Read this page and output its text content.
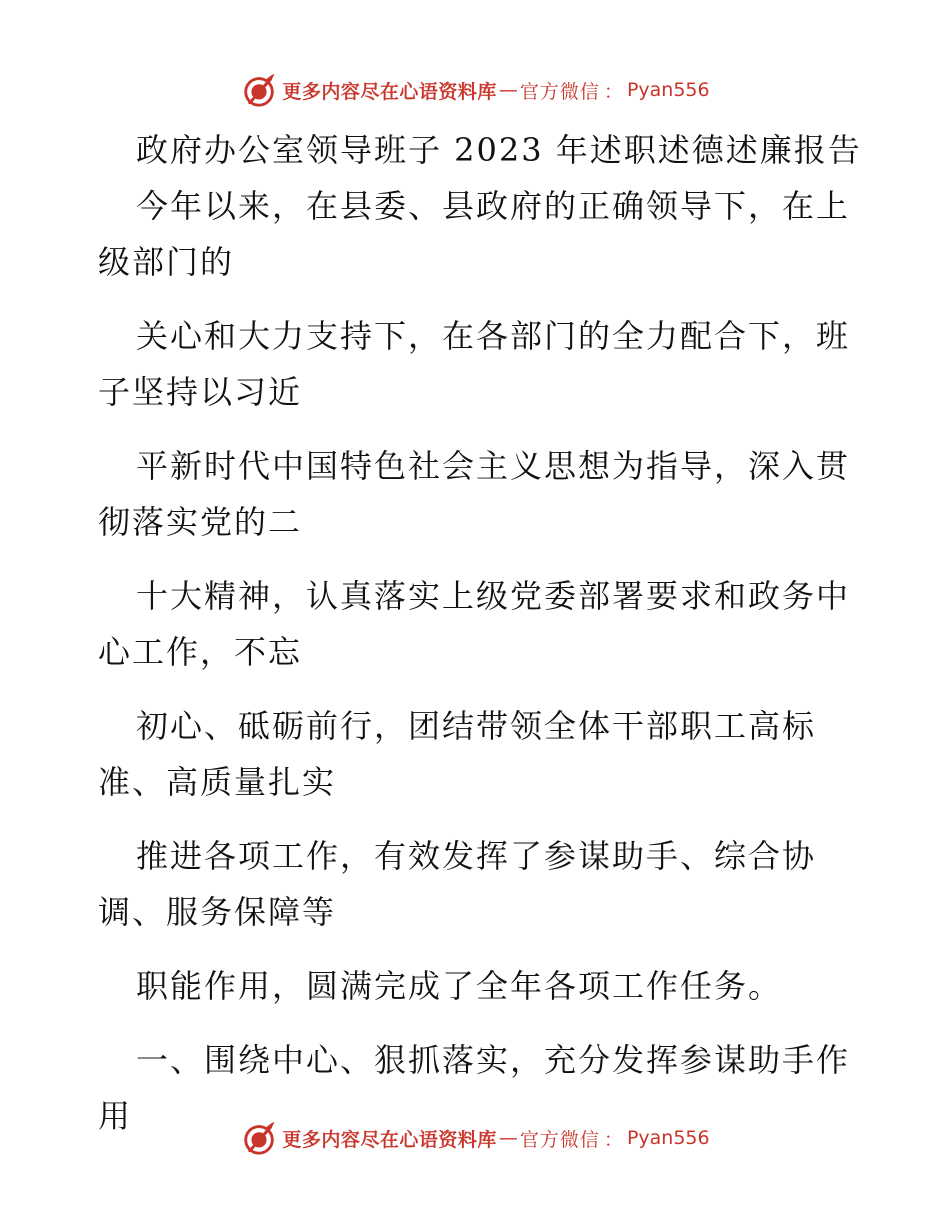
更多内容尽在心语资料库 — 官方微信 ： Pyan556

政府办公室领导班子 2023 年述职述德述廉报告

今年以来，在县委、县政府的正确领导下，在上级部门的

关心和大力支持下，在各部门的全力配合下，班子坚持以习近

平新时代中国特色社会主义思想为指导，深入贯彻落实党的二

十大精神，认真落实上级党委部署要求和政务中心工作，不忘

初心、砥砺前行，团结带领全体干部职工高标准、高质量扎实

推进各项工作，有效发挥了参谋助手、综合协调、服务保障等

职能作用，圆满完成了全年各项工作任务。

一、围绕中心、狠抓落实，充分发挥参谋助手作用

更多内容尽在心语资料库 — 官方微信 ： Pyan556
